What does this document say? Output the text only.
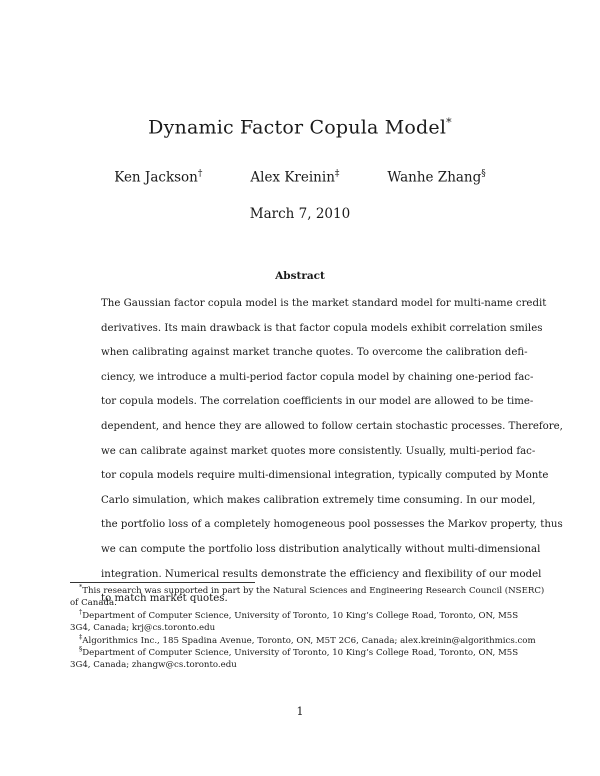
Dynamic Factor Copula Model*
Ken Jackson†	Alex Kreinin‡	Wanhe Zhang§
March 7, 2010
Abstract
The Gaussian factor copula model is the market standard model for multi-name credit
derivatives. Its main drawback is that factor copula models exhibit correlation smiles
when calibrating against market tranche quotes. To overcome the calibration defi-
ciency, we introduce a multi-period factor copula model by chaining one-period fac-
tor copula models. The correlation coefficients in our model are allowed to be time-
dependent, and hence they are allowed to follow certain stochastic processes. Therefore,
we can calibrate against market quotes more consistently. Usually, multi-period fac-
tor copula models require multi-dimensional integration, typically computed by Monte
Carlo simulation, which makes calibration extremely time consuming. In our model,
the portfolio loss of a completely homogeneous pool possesses the Markov property, thus
we can compute the portfolio loss distribution analytically without multi-dimensional
integration. Numerical results demonstrate the efficiency and flexibility of our model
to match market quotes.
*This research was supported in part by the Natural Sciences and Engineering Research Council (NSERC)
of Canada.
†Department of Computer Science, University of Toronto, 10 King’s College Road, Toronto, ON, M5S
3G4, Canada; krj@cs.toronto.edu
‡Algorithmics Inc., 185 Spadina Avenue, Toronto, ON, M5T 2C6, Canada; alex.kreinin@algorithmics.com
§Department of Computer Science, University of Toronto, 10 King’s College Road, Toronto, ON, M5S
3G4, Canada; zhangw@cs.toronto.edu
1
